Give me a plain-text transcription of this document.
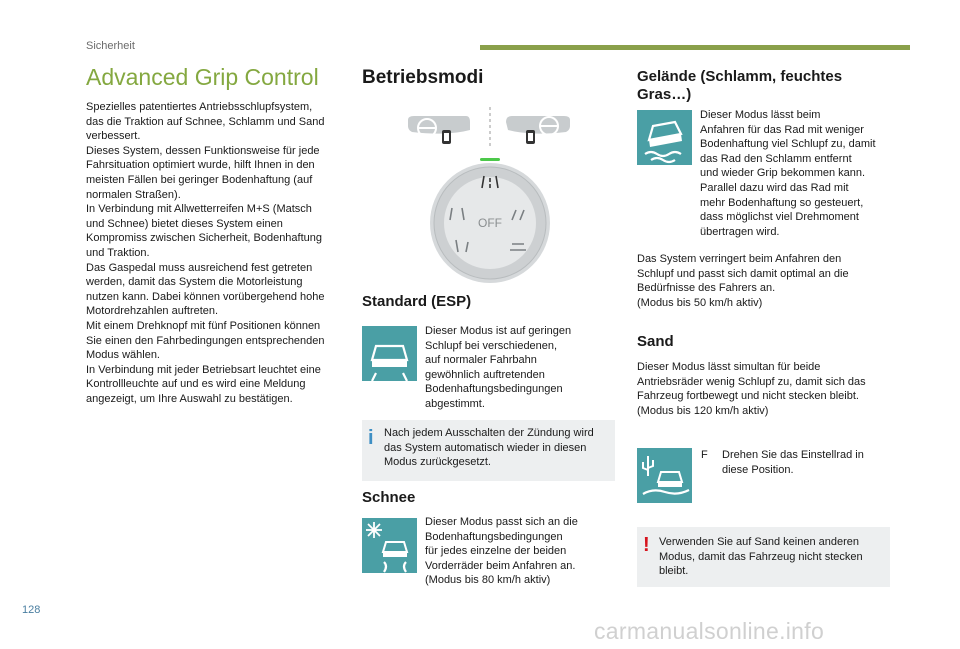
Sicherheit
Advanced Grip Control
Spezielles patentiertes Antriebsschlupfsystem,
das die Traktion auf Schnee, Schlamm und Sand
verbessert.
Dieses System, dessen Funktionsweise für jede
Fahrsituation optimiert wurde, hilft Ihnen in den
meisten Fällen bei geringer Bodenhaftung (auf
normalen Straßen).
In Verbindung mit Allwetterreifen M+S (Matsch
und Schnee) bietet dieses System einen
Kompromiss zwischen Sicherheit, Bodenhaftung
und Traktion.
Das Gaspedal muss ausreichend fest getreten
werden, damit das System die Motorleistung
nutzen kann. Dabei können vorübergehend hohe
Motordrehzahlen auftreten.
Mit einem Drehknopf mit fünf Positionen können
Sie einen den Fahrbedingungen entsprechenden
Modus wählen.
In Verbindung mit jeder Betriebsart leuchtet eine
Kontrollleuchte auf und es wird eine Meldung
angezeigt, um Ihre Auswahl zu bestätigen.
Betriebsmodi
OFF
Standard (ESP)
Dieser Modus ist auf geringen
Schlupf bei verschiedenen,
auf normaler Fahrbahn
gewöhnlich auftretenden
Bodenhaftungsbedingungen
abgestimmt.
i Nach jedem Ausschalten der Zündung wird
das System automatisch wieder in diesen
Modus zurückgesetzt.
Schnee
Dieser Modus passt sich an die
Bodenhaftungsbedingungen
für jedes einzelne der beiden
Vorderräder beim Anfahren an.
(Modus bis 80 km/h aktiv)
Gelände (Schlamm, feuchtes
Gras…)
Dieser Modus lässt beim
Anfahren für das Rad mit weniger
Bodenhaftung viel Schlupf zu, damit
das Rad den Schlamm entfernt
und wieder Grip bekommen kann.
Parallel dazu wird das Rad mit
mehr Bodenhaftung so gesteuert,
dass möglichst viel Drehmoment
übertragen wird.
Das System verringert beim Anfahren den
Schlupf und passt sich damit optimal an die
Bedürfnisse des Fahrers an.
(Modus bis 50 km/h aktiv)
Sand
Dieser Modus lässt simultan für beide
Antriebsräder wenig Schlupf zu, damit sich das
Fahrzeug fortbewegt und nicht stecken bleibt.
(Modus bis 120 km/h aktiv)
F Drehen Sie das Einstellrad in
diese Position.
! Verwenden Sie auf Sand keinen anderen
Modus, damit das Fahrzeug nicht stecken
bleibt.
128
carmanualsonline.info
